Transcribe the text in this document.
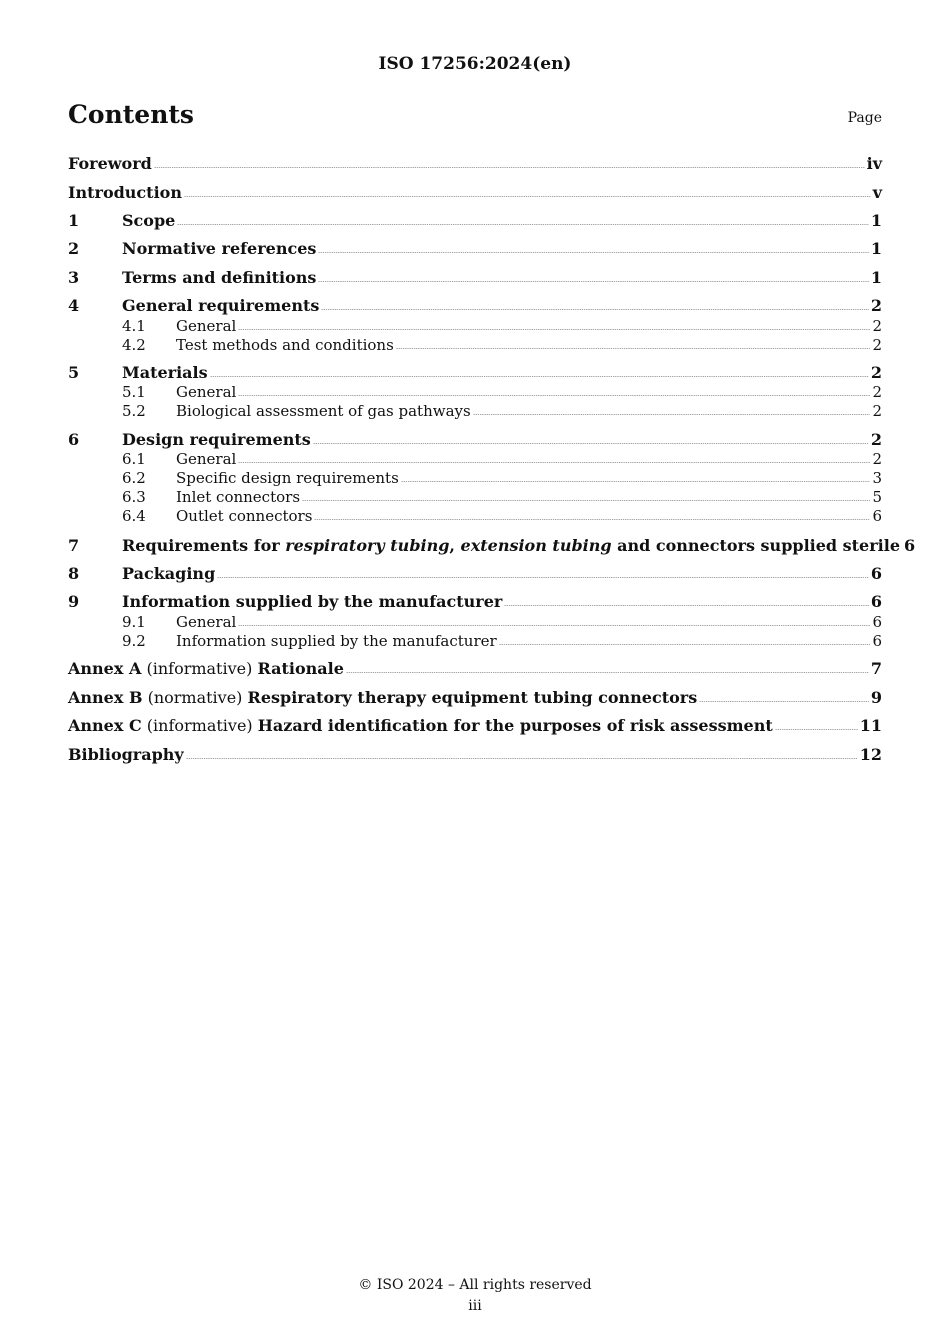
ISO 17256:2024(en)
Contents	Page
Foreword	iv
Introduction	v
1	Scope	1
2	Normative references	1
3	Terms and definitions	1
4	General requirements	2
4.1	General	2
4.2	Test methods and conditions	2
5	Materials	2
5.1	General	2
5.2	Biological assessment of gas pathways	2
6	Design requirements	2
6.1	General	2
6.2	Specific design requirements	3
6.3	Inlet connectors	5
6.4	Outlet connectors	6
7	Requirements for respiratory tubing, extension tubing and connectors supplied sterile 6
8	Packaging	6
9	Information supplied by the manufacturer	6
9.1	General	6
9.2	Information supplied by the manufacturer	6
Annex A (informative) Rationale	7
Annex B (normative) Respiratory therapy equipment tubing connectors	9
Annex C (informative) Hazard identification for the purposes of risk assessment	11
Bibliography	12
© ISO 2024 – All rights reserved
iii
